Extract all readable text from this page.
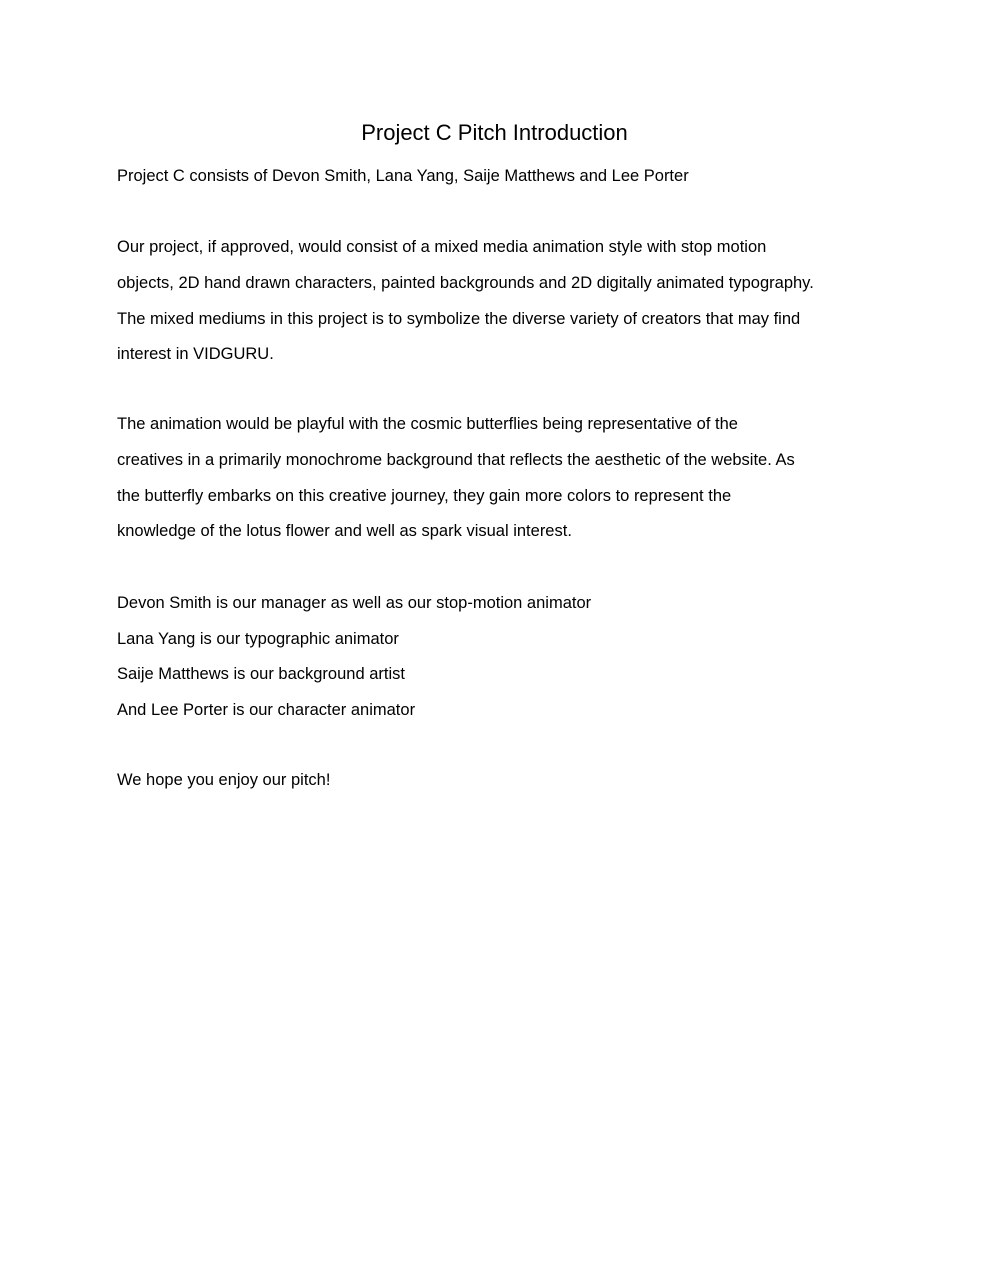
Project C Pitch Introduction
Project C consists of Devon Smith, Lana Yang, Saije Matthews and Lee Porter
Our project, if approved, would consist of a mixed media animation style with stop motion
objects, 2D hand drawn characters, painted backgrounds and 2D digitally animated typography.
The mixed mediums in this project is to symbolize the diverse variety of creators that may find
interest in VIDGURU.
The animation would be playful with the cosmic butterflies being representative of the
creatives in a primarily monochrome background that reflects the aesthetic of the website. As
the butterfly embarks on this creative journey, they gain more colors to represent the
knowledge of the lotus flower and well as spark visual interest.
Devon Smith is our manager as well as our stop-motion animator
Lana Yang is our typographic animator
Saije Matthews is our background artist
And Lee Porter is our character animator
We hope you enjoy our pitch!
